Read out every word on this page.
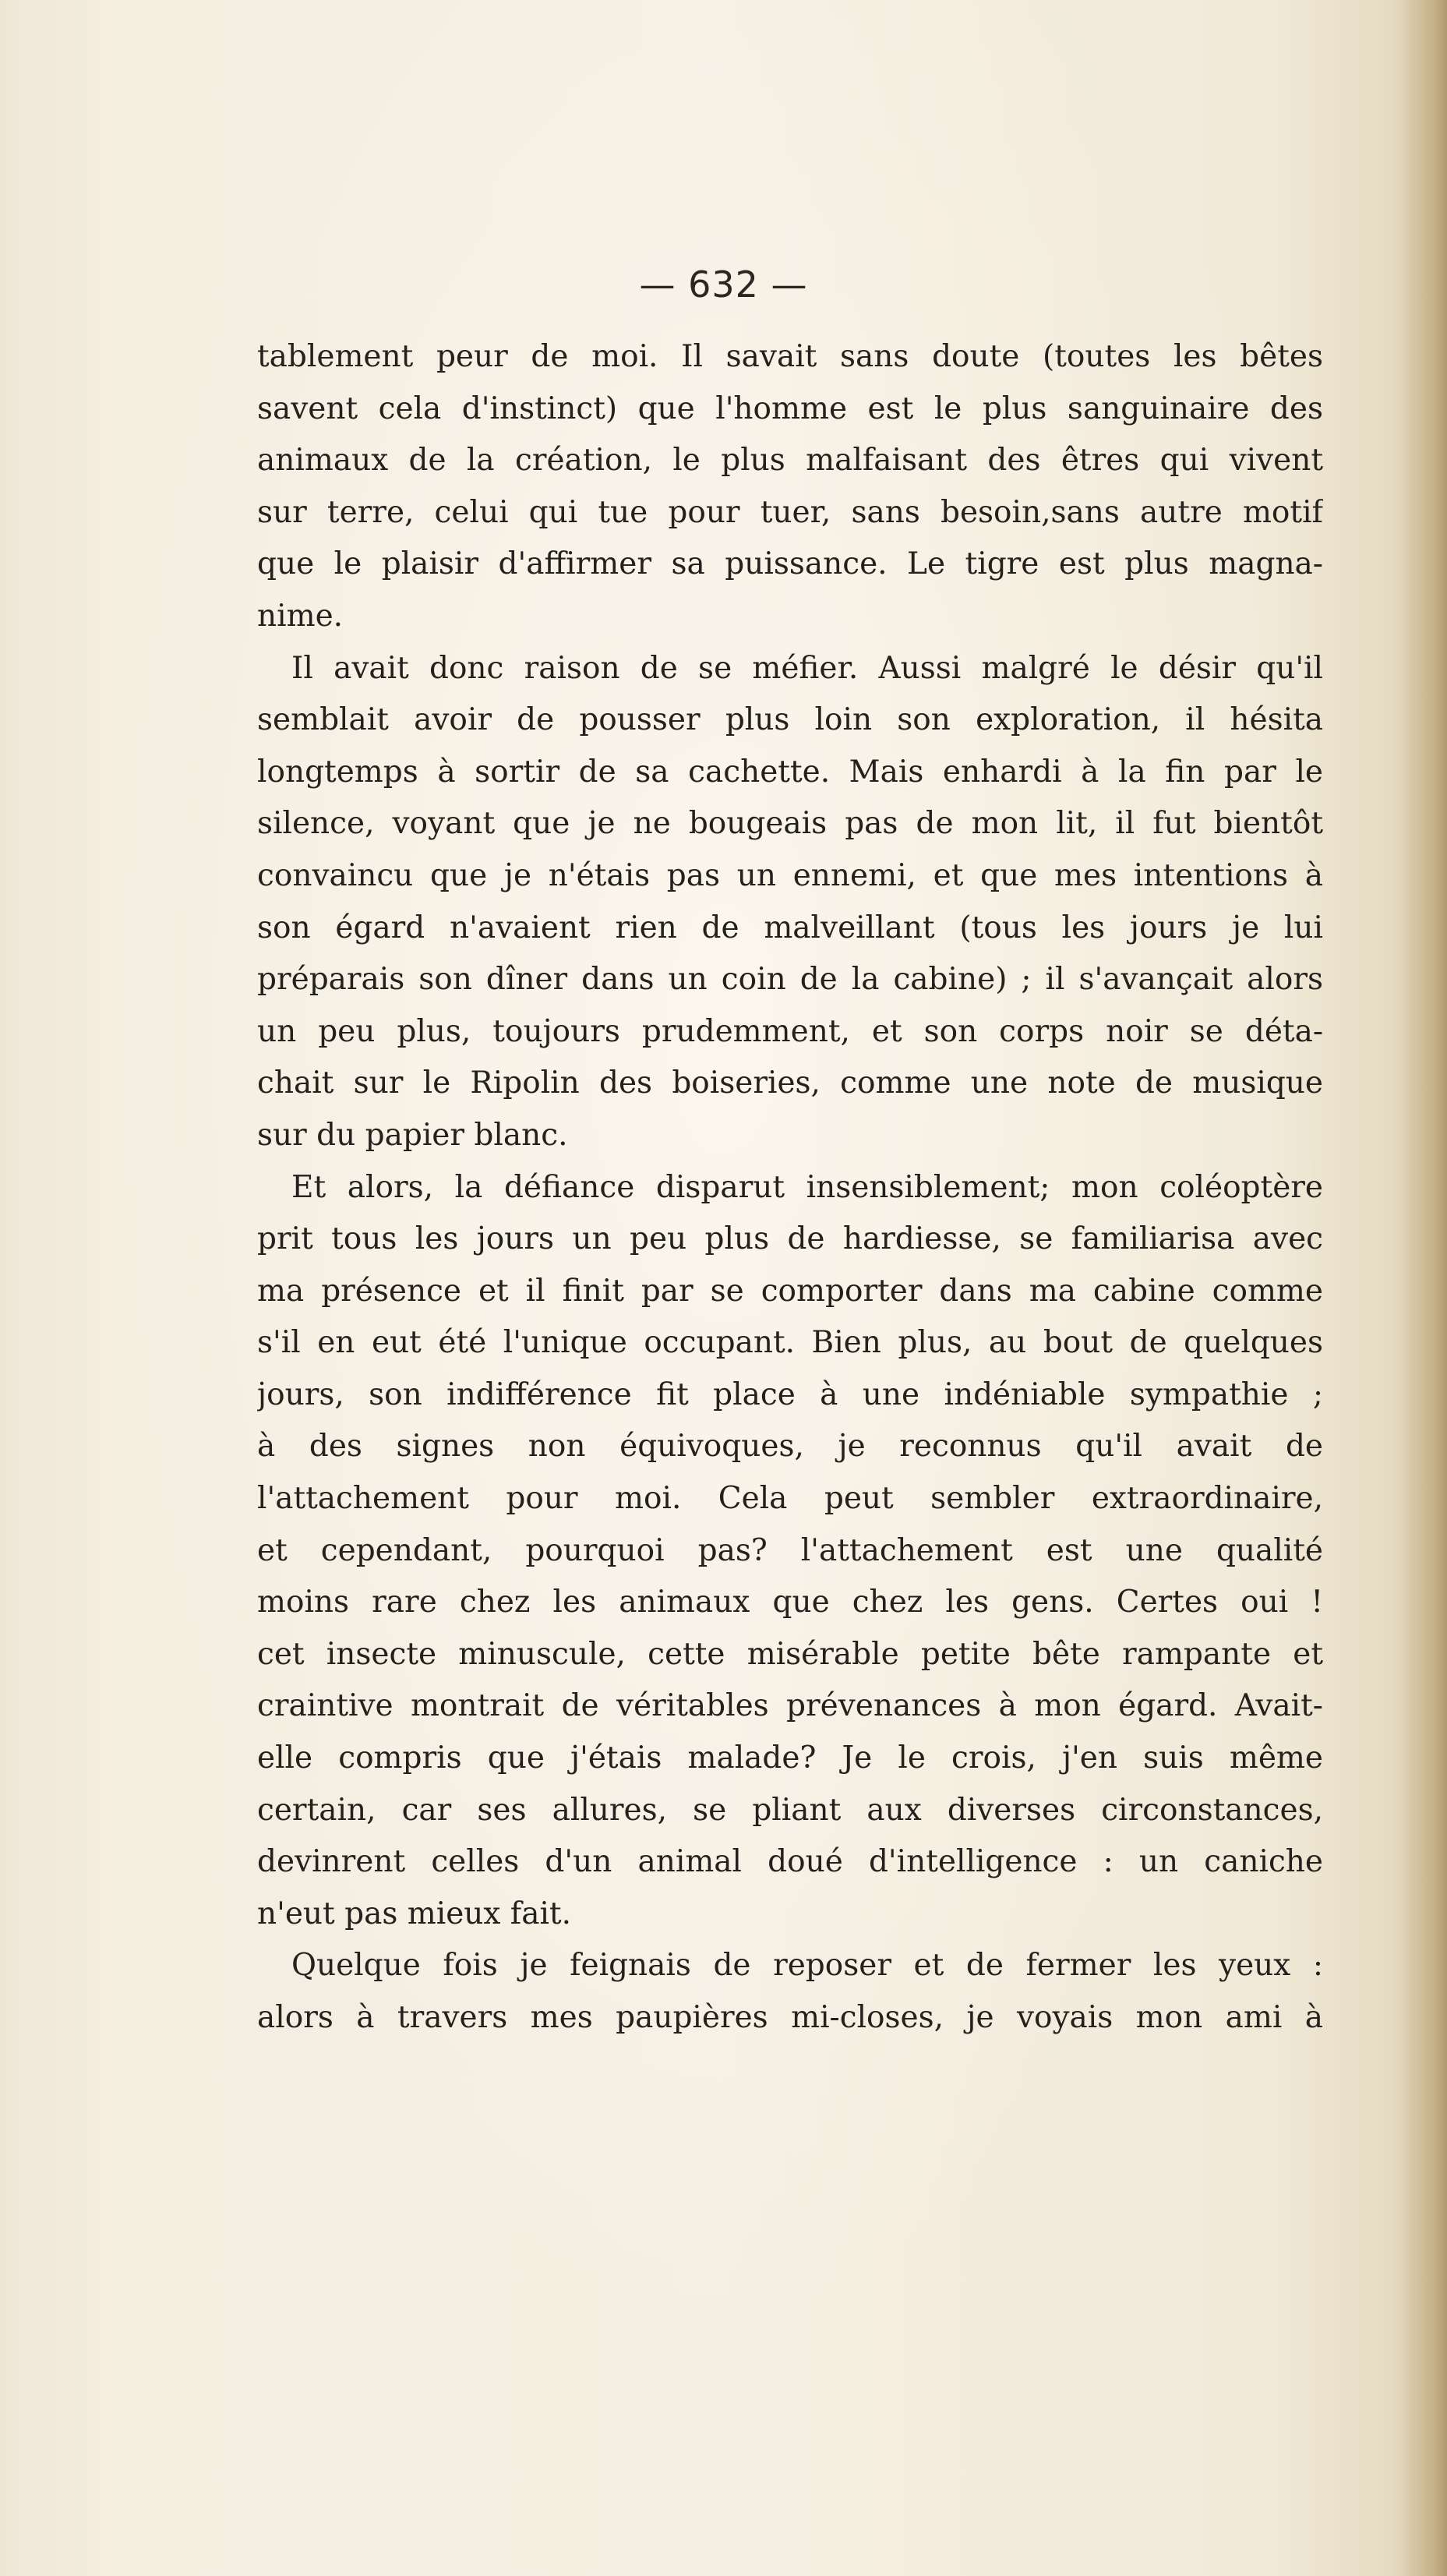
— 632 —
tablement peur de moi. Il savait sans doute (toutes les bêtes
savent cela d'instinct) que l'homme est le plus sanguinaire des
animaux de la création, le plus malfaisant des êtres qui vivent
sur terre, celui qui tue pour tuer, sans besoin,sans autre motif
que le plaisir d'affirmer sa puissance. Le tigre est plus magna-
nime.
Il avait donc raison de se méfier. Aussi malgré le désir qu'il
semblait avoir de pousser plus loin son exploration, il hésita
longtemps à sortir de sa cachette. Mais enhardi à la fin par le
silence, voyant que je ne bougeais pas de mon lit, il fut bientôt
convaincu que je n'étais pas un ennemi, et que mes intentions à
son égard n'avaient rien de malveillant (tous les jours je lui
préparais son dîner dans un coin de la cabine) ; il s'avançait alors
un peu plus, toujours prudemment, et son corps noir se déta-
chait sur le Ripolin des boiseries, comme une note de musique
sur du papier blanc.
Et alors, la défiance disparut insensiblement; mon coléoptère
prit tous les jours un peu plus de hardiesse, se familiarisa avec
ma présence et il finit par se comporter dans ma cabine comme
s'il en eut été l'unique occupant. Bien plus, au bout de quelques
jours, son indifférence fit place à une indéniable sympathie ;
à des signes non équivoques, je reconnus qu'il avait de
l'attachement pour moi. Cela peut sembler extraordinaire,
et cependant, pourquoi pas? l'attachement est une qualité
moins rare chez les animaux que chez les gens. Certes oui !
cet insecte minuscule, cette misérable petite bête rampante et
craintive montrait de véritables prévenances à mon égard. Avait-
elle compris que j'étais malade? Je le crois, j'en suis même
certain, car ses allures, se pliant aux diverses circonstances,
devinrent celles d'un animal doué d'intelligence : un caniche
n'eut pas mieux fait.
Quelque fois je feignais de reposer et de fermer les yeux :
alors à travers mes paupières mi-closes, je voyais mon ami à
